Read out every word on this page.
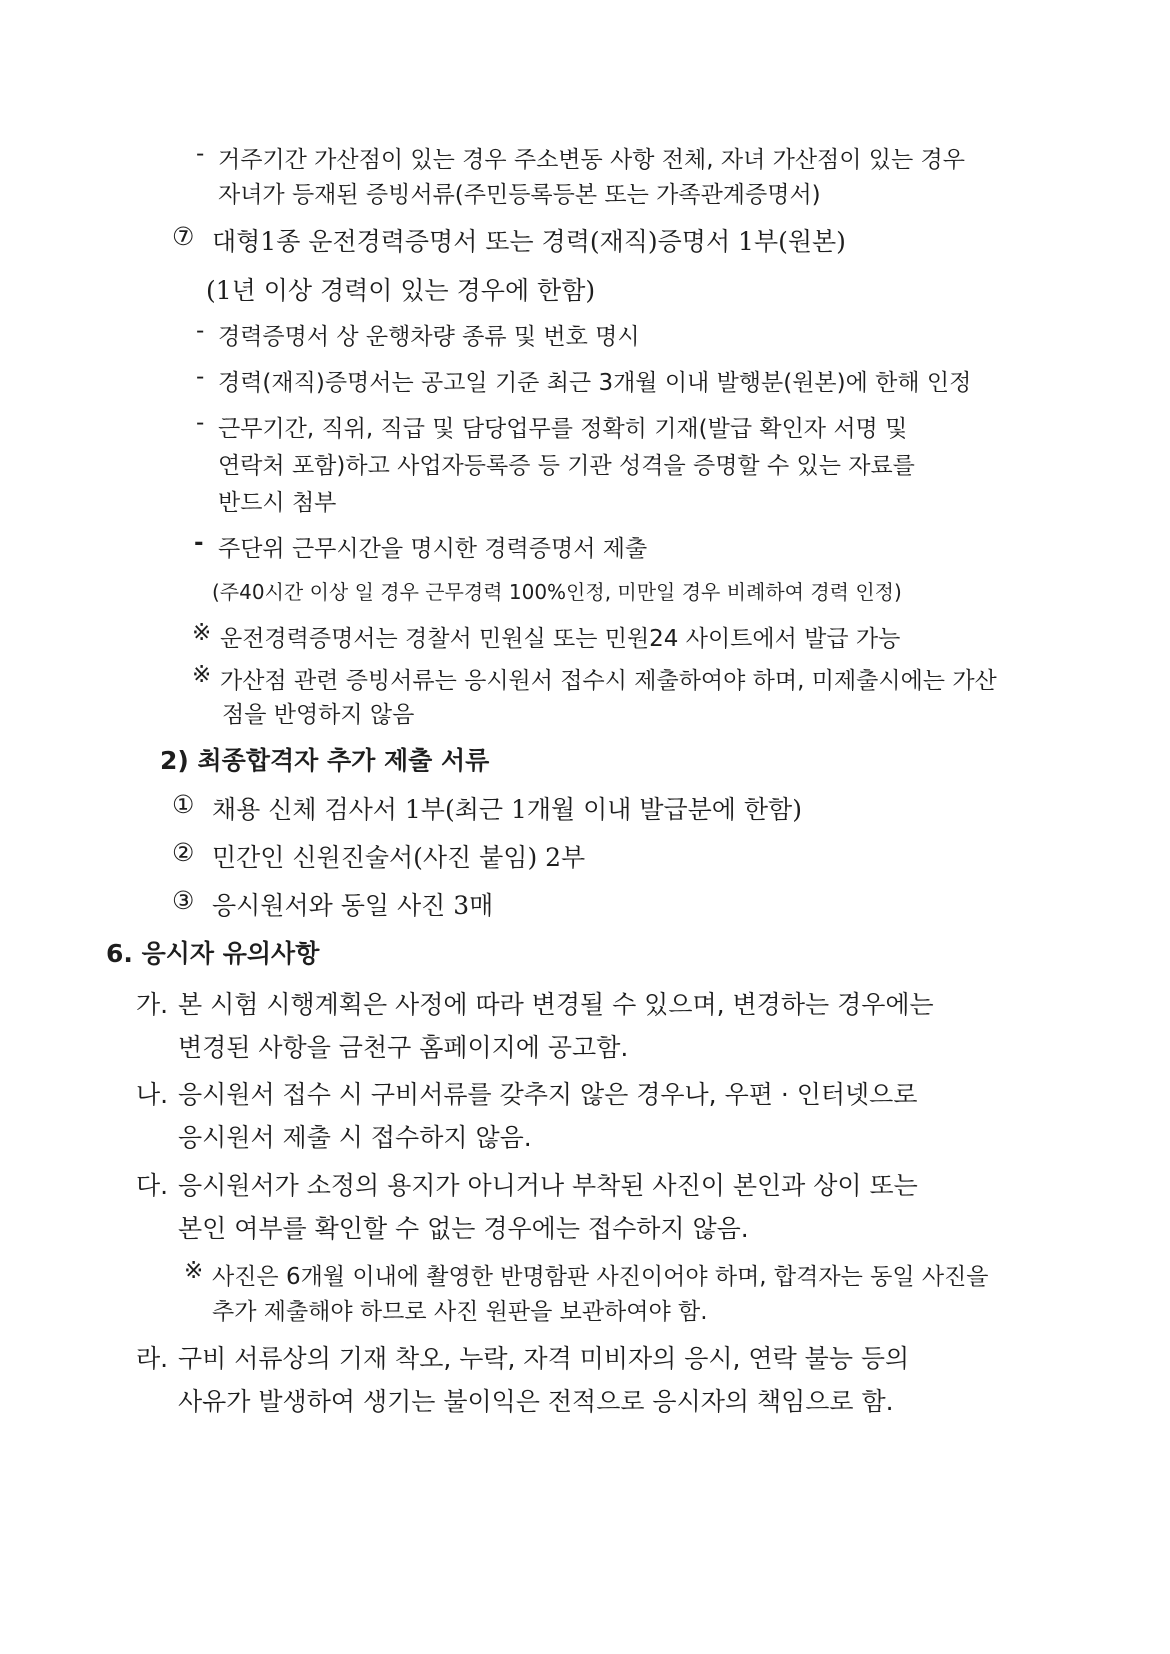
- 거주기간 가산점이 있는 경우 주소변동 사항 전체, 자녀 가산점이 있는 경우
자녀가 등재된 증빙서류(주민등록등본 또는 가족관계증명서)
⑦ 대형1종 운전경력증명서 또는 경력(재직)증명서 1부(원본)
(1년 이상 경력이 있는 경우에 한함)
- 경력증명서 상 운행차량 종류 및 번호 명시
- 경력(재직)증명서는 공고일 기준 최근 3개월 이내 발행분(원본)에 한해 인정
- 근무기간, 직위, 직급 및 담당업무를 정확히 기재(발급 확인자 서명 및
연락처 포함)하고 사업자등록증 등 기관 성격을 증명할 수 있는 자료를
반드시 첨부
- 주단위 근무시간을 명시한 경력증명서 제출
(주40시간 이상 일 경우 근무경력 100%인정, 미만일 경우 비례하여 경력 인정)
※ 운전경력증명서는 경찰서 민원실 또는 민원24 사이트에서 발급 가능
※ 가산점 관련 증빙서류는 응시원서 접수시 제출하여야 하며, 미제출시에는 가산
점을 반영하지 않음
2) 최종합격자 추가 제출 서류
① 채용 신체 검사서 1부(최근 1개월 이내 발급분에 한함)
② 민간인 신원진술서(사진 붙임) 2부
③ 응시원서와 동일 사진 3매
6. 응시자 유의사항
가. 본 시험 시행계획은 사정에 따라 변경될 수 있으며, 변경하는 경우에는
변경된 사항을 금천구 홈페이지에 공고함.
나. 응시원서 접수 시 구비서류를 갖추지 않은 경우나, 우편 · 인터넷으로
응시원서 제출 시 접수하지 않음.
다. 응시원서가 소정의 용지가 아니거나 부착된 사진이 본인과 상이 또는
본인 여부를 확인할 수 없는 경우에는 접수하지 않음.
※ 사진은 6개월 이내에 촬영한 반명함판 사진이어야 하며, 합격자는 동일 사진을
추가 제출해야 하므로 사진 원판을 보관하여야 함.
라. 구비 서류상의 기재 착오, 누락, 자격 미비자의 응시, 연락 불능 등의
사유가 발생하여 생기는 불이익은 전적으로 응시자의 책임으로 함.
